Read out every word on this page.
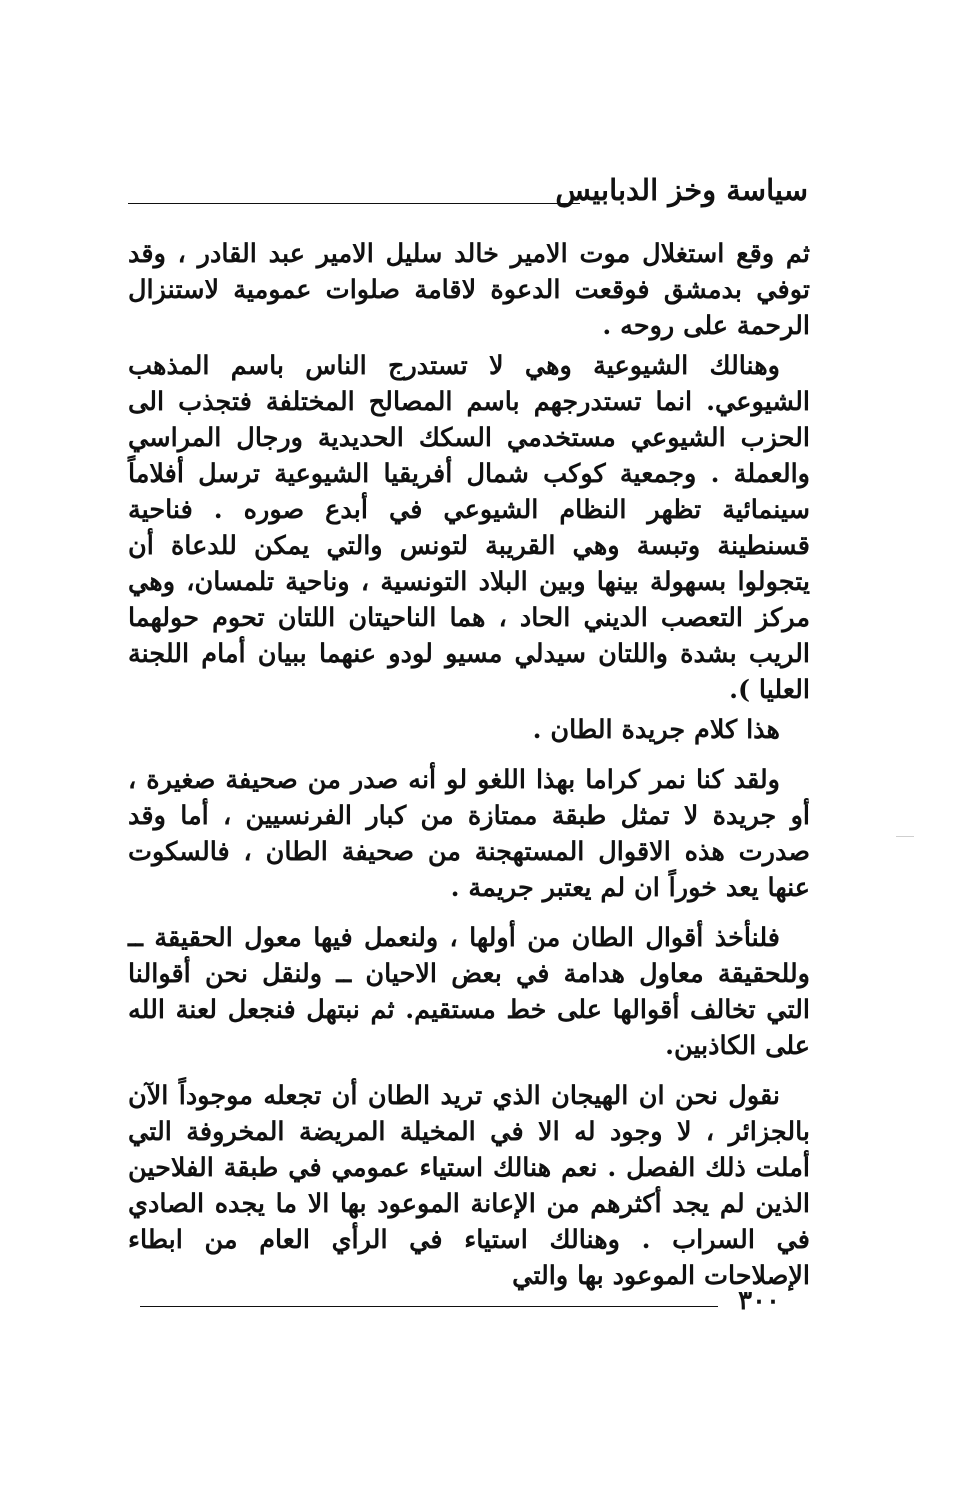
سياسة وخز الدبابيس

ثم وقع استغلال موت الامير خالد سليل الامير عبد القادر ، وقد توفي بدمشق فوقعت الدعوة لاقامة صلوات عمومية لاستنزال الرحمة على روحه .

وهنالك الشيوعية وهي لا تستدرج الناس باسم المذهب الشيوعي. انما تستدرجهم باسم المصالح المختلفة فتجذب الى الحزب الشيوعي مستخدمي السكك الحديدية ورجال المراسي والعملة . وجمعية كوكب شمال أفريقيا الشيوعية ترسل أفلاماً سينمائية تظهر النظام الشيوعي في أبدع صوره . فناحية قسنطينة وتبسة وهي القريبة لتونس والتي يمكن للدعاة أن يتجولوا بسهولة بينها وبين البلاد التونسية ، وناحية تلمسان، وهي مركز التعصب الديني الحاد ، هما الناحيتان اللتان تحوم حولهما الريب بشدة واللتان سيدلي مسيو لودو عنهما ببيان أمام اللجنة العليا ).

هذا كلام جريدة الطان .

ولقد كنا نمر كراما بهذا اللغو لو أنه صدر من صحيفة صغيرة ، أو جريدة لا تمثل طبقة ممتازة من كبار الفرنسيين ، أما وقد صدرت هذه الاقوال المستهجنة من صحيفة الطان ، فالسكوت عنها يعد خوراً ان لم يعتبر جريمة .

فلنأخذ أقوال الطان من أولها ، ولنعمل فيها معول الحقيقة ــ وللحقيقة معاول هدامة في بعض الاحيان ــ ولنقل نحن أقوالنا التي تخالف أقوالها على خط مستقيم. ثم نبتهل فنجعل لعنة الله على الكاذبين.

نقول نحن ان الهيجان الذي تريد الطان أن تجعله موجوداً الآن بالجزائر ، لا وجود له الا في المخيلة المريضة المخروفة التي أملت ذلك الفصل . نعم هنالك استياء عمومي في طبقة الفلاحين الذين لم يجد أكثرهم من الإعانة الموعود بها الا ما يجده الصادي في السراب . وهنالك استياء في الرأي العام من ابطاء الإصلاحات الموعود بها والتي

٣٠٠
